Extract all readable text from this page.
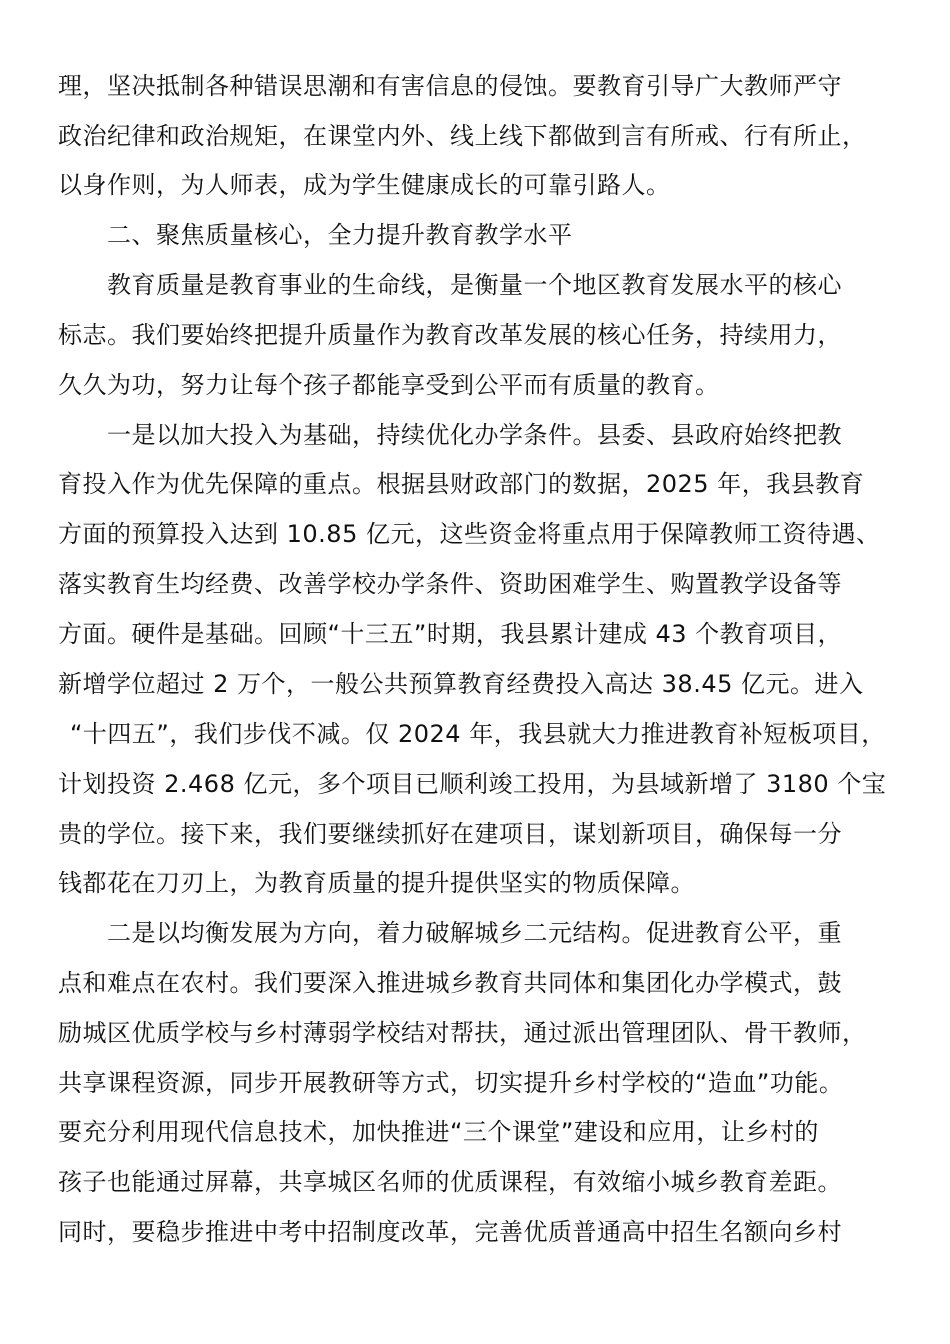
理，坚决抵制各种错误思潮和有害信息的侵蚀。要教育引导广大教师严守
政治纪律和政治规矩，在课堂内外、线上线下都做到言有所戒、行有所止，
以身作则，为人师表，成为学生健康成长的可靠引路人。
二、聚焦质量核心，全力提升教育教学水平
教育质量是教育事业的生命线，是衡量一个地区教育发展水平的核心
标志。我们要始终把提升质量作为教育改革发展的核心任务，持续用力，
久久为功，努力让每个孩子都能享受到公平而有质量的教育。
一是以加大投入为基础，持续优化办学条件。县委、县政府始终把教
育投入作为优先保障的重点。根据县财政部门的数据，2025 年，我县教育
方面的预算投入达到 10.85 亿元，这些资金将重点用于保障教师工资待遇、
落实教育生均经费、改善学校办学条件、资助困难学生、购置教学设备等
方面。硬件是基础。回顾“十三五”时期，我县累计建成 43 个教育项目，
新增学位超过 2 万个，一般公共预算教育经费投入高达 38.45 亿元。进入
“十四五”，我们步伐不减。仅 2024 年，我县就大力推进教育补短板项目，
计划投资 2.468 亿元，多个项目已顺利竣工投用，为县域新增了 3180 个宝
贵的学位。接下来，我们要继续抓好在建项目，谋划新项目，确保每一分
钱都花在刀刃上，为教育质量的提升提供坚实的物质保障。
二是以均衡发展为方向，着力破解城乡二元结构。促进教育公平，重
点和难点在农村。我们要深入推进城乡教育共同体和集团化办学模式，鼓
励城区优质学校与乡村薄弱学校结对帮扶，通过派出管理团队、骨干教师，
共享课程资源，同步开展教研等方式，切实提升乡村学校的“造血”功能。
要充分利用现代信息技术，加快推进“三个课堂”建设和应用，让乡村的
孩子也能通过屏幕，共享城区名师的优质课程，有效缩小城乡教育差距。
同时，要稳步推进中考中招制度改革，完善优质普通高中招生名额向乡村
